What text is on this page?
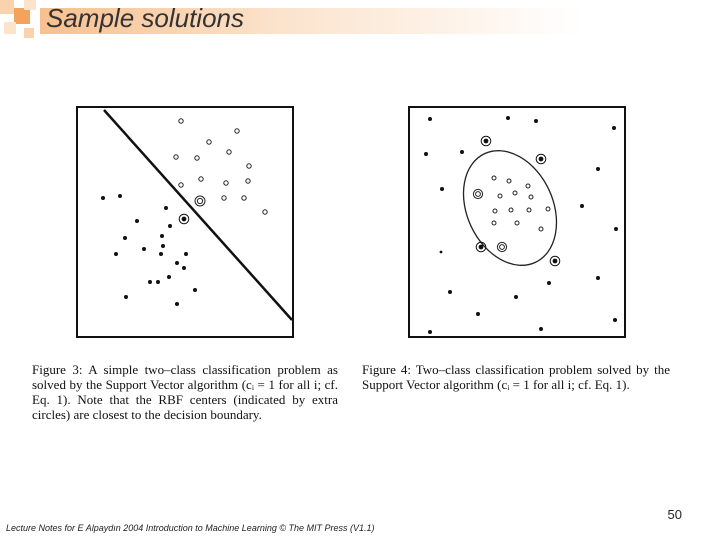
Sample solutions
Figure 3: A simple two–class classification problem as solved by the Support Vector algorithm (cᵢ = 1 for all i; cf. Eq. 1). Note that the RBF centers (indicated by extra circles) are closest to the decision boundary.
Figure 4: Two–class classification problem solved by the Support Vector algorithm (cᵢ = 1 for all i; cf. Eq. 1).
50
Lecture Notes for E Alpaydın 2004 Introduction to Machine Learning © The MIT Press (V1.1)
